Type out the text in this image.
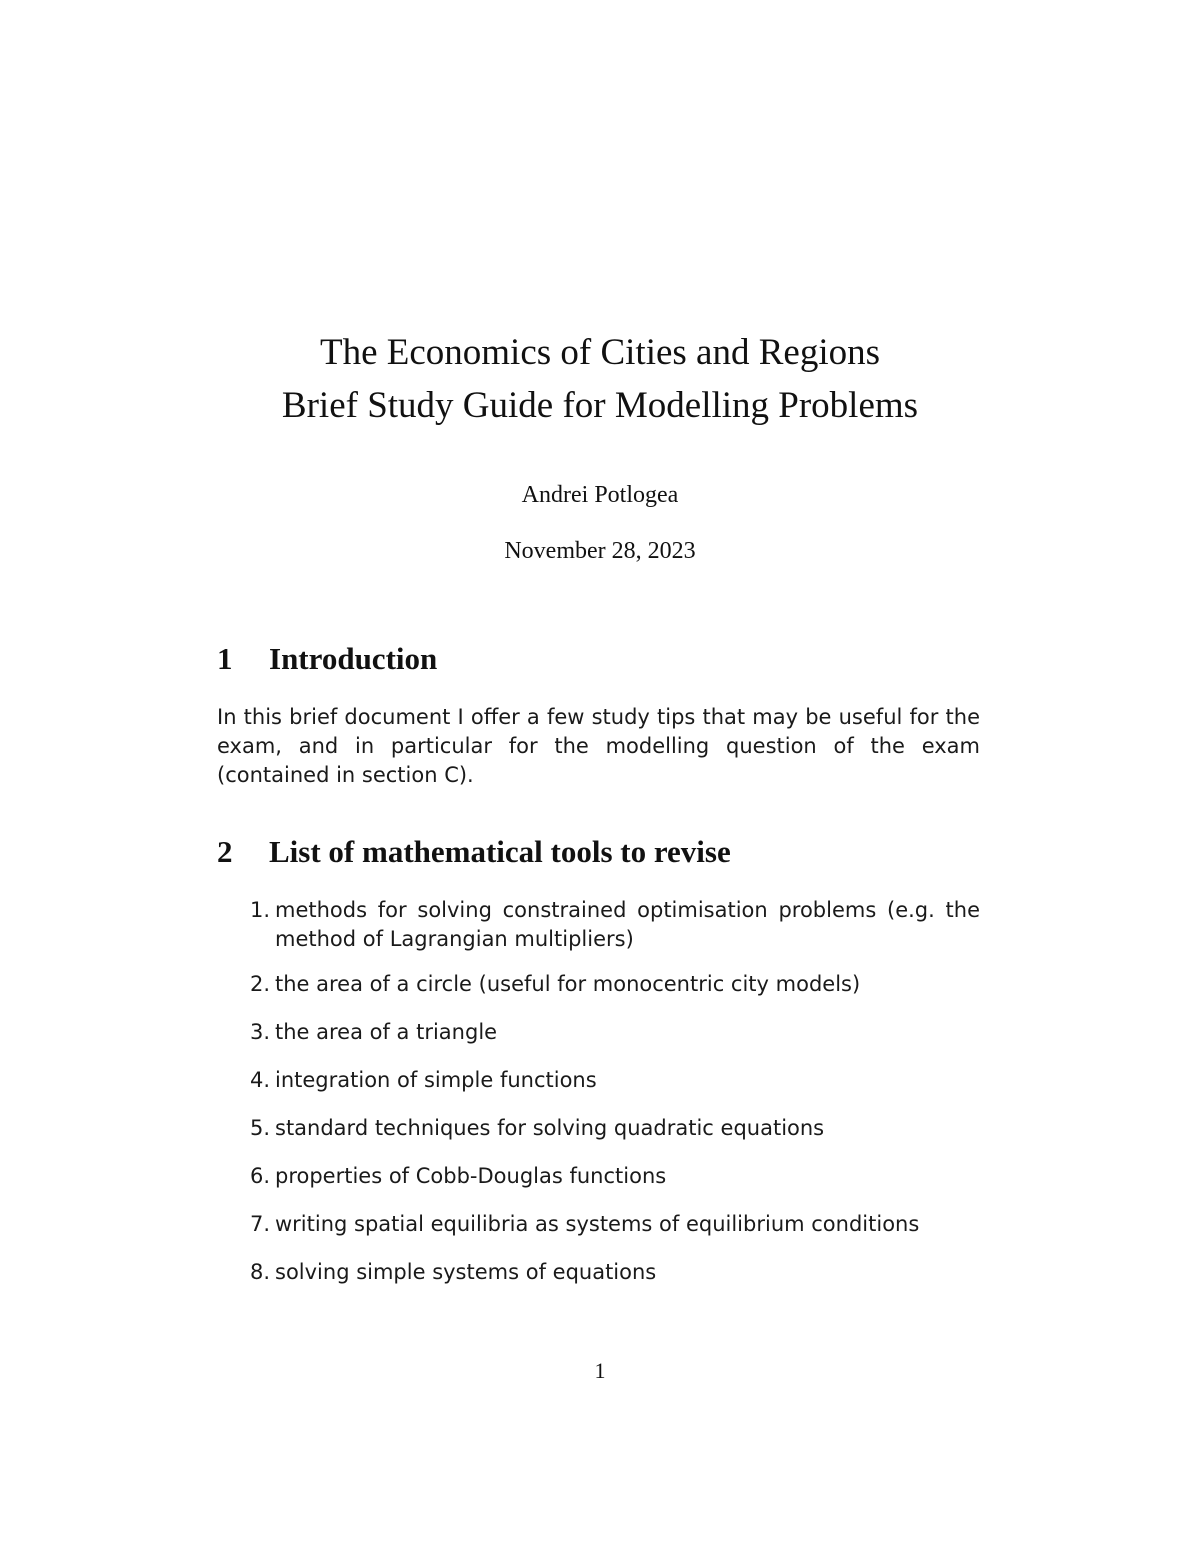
The Economics of Cities and Regions
Brief Study Guide for Modelling Problems
Andrei Potlogea
November 28, 2023
1 Introduction

In this brief document I offer a few study tips that may be useful for the exam, and in particular for the modelling question of the exam (contained in section C).

2 List of mathematical tools to revise
1. methods for solving constrained optimisation problems (e.g. the method of Lagrangian multipliers)
2. the area of a circle (useful for monocentric city models)
3. the area of a triangle
4. integration of simple functions
5. standard techniques for solving quadratic equations
6. properties of Cobb-Douglas functions
7. writing spatial equilibria as systems of equilibrium conditions
8. solving simple systems of equations
1
